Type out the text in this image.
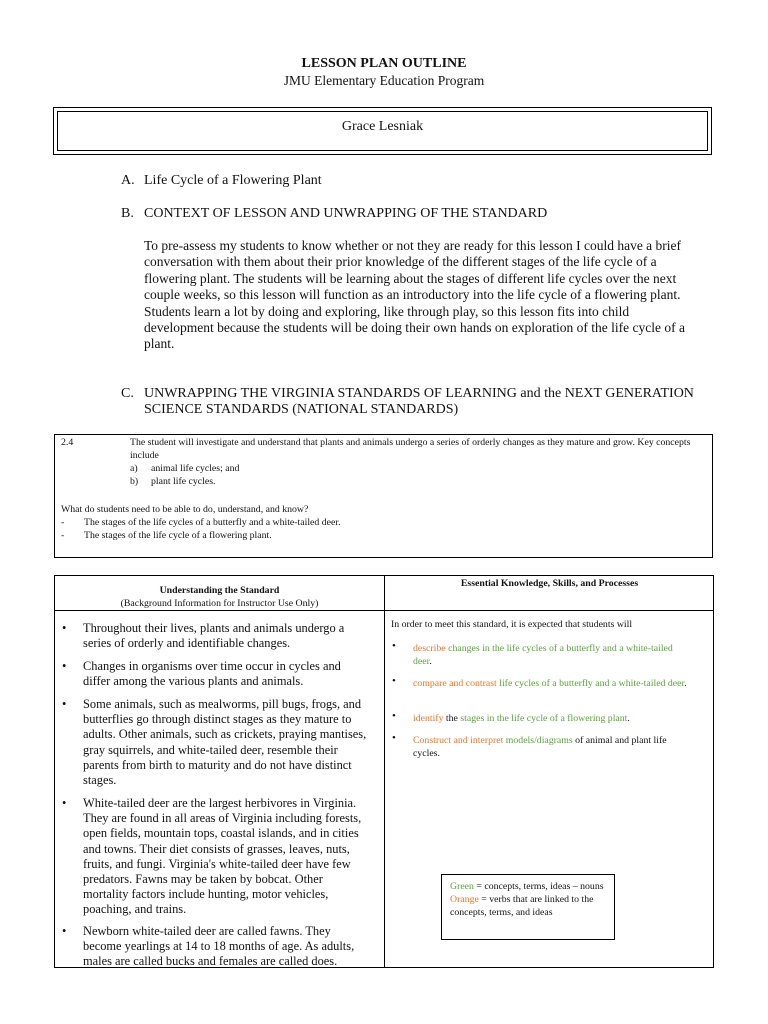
LESSON PLAN OUTLINE
JMU Elementary Education Program
Grace Lesniak
A. Life Cycle of a Flowering Plant
B. CONTEXT OF LESSON AND UNWRAPPING OF THE STANDARD
To pre-assess my students to know whether or not they are ready for this lesson I could have a brief conversation with them about their prior knowledge of the different stages of the life cycle of a flowering plant. The students will be learning about the stages of different life cycles over the next couple weeks, so this lesson will function as an introductory into the life cycle of a flowering plant. Students learn a lot by doing and exploring, like through play, so this lesson fits into child development because the students will be doing their own hands on exploration of the life cycle of a plant.
C. UNWRAPPING THE VIRGINIA STANDARDS OF LEARNING and the NEXT GENERATION
SCIENCE STANDARDS (NATIONAL STANDARDS)
2.4	The student will investigate and understand that plants and animals undergo a series of orderly changes as they mature and grow. Key concepts include
a) animal life cycles; and
b) plant life cycles.
What do students need to be able to do, understand, and know?
- The stages of the life cycles of a butterfly and a white-tailed deer.
- The stages of the life cycle of a flowering plant.
Understanding the Standard
(Background Information for Instructor Use Only)
Essential Knowledge, Skills, and Processes
• Throughout their lives, plants and animals undergo a series of orderly and identifiable changes.
• Changes in organisms over time occur in cycles and differ among the various plants and animals.
• Some animals, such as mealworms, pill bugs, frogs, and butterflies go through distinct stages as they mature to adults. Other animals, such as crickets, praying mantises, gray squirrels, and white-tailed deer, resemble their parents from birth to maturity and do not have distinct stages.
• White-tailed deer are the largest herbivores in Virginia. They are found in all areas of Virginia including forests, open fields, mountain tops, coastal islands, and in cities and towns. Their diet consists of grasses, leaves, nuts, fruits, and fungi. Virginia's white-tailed deer have few predators. Fawns may be taken by bobcat. Other mortality factors include hunting, motor vehicles, poaching, and trains.
• Newborn white-tailed deer are called fawns. They become yearlings at 14 to 18 months of age. As adults, males are called bucks and females are called does.
In order to meet this standard, it is expected that students will
• describe changes in the life cycles of a butterfly and a white-tailed deer.
• compare and contrast life cycles of a butterfly and a white-tailed deer.
• identify the stages in the life cycle of a flowering plant.
• Construct and interpret models/diagrams of animal and plant life cycles.
Green = concepts, terms, ideas – nouns
Orange = verbs that are linked to the concepts, terms, and ideas
